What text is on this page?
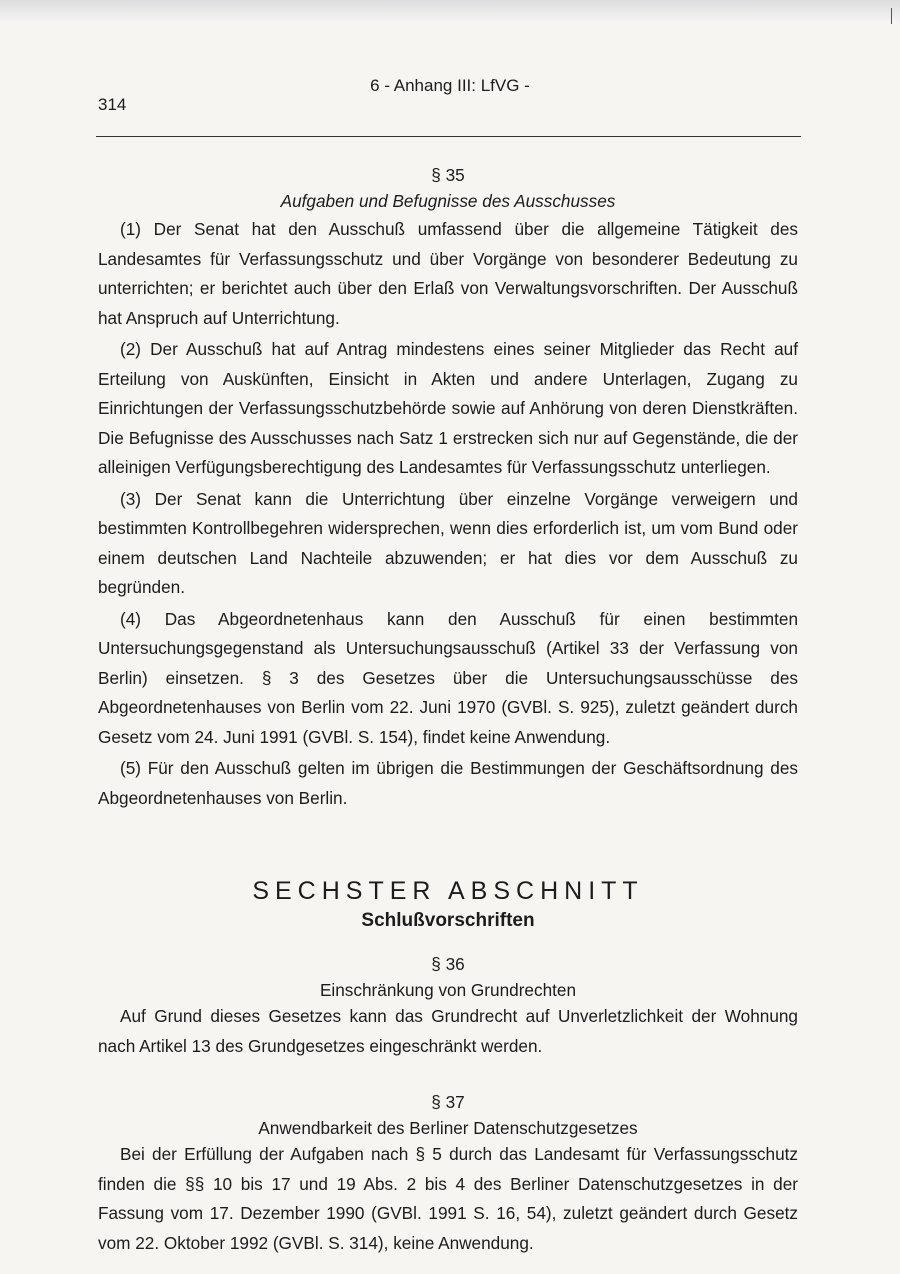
314
6 - Anhang III: LfVG -

§ 35

Aufgaben und Befugnisse des Ausschusses

(1) Der Senat hat den Ausschuß umfassend über die allgemeine Tätigkeit des Landesamtes für Verfassungsschutz und über Vorgänge von besonderer Bedeutung zu unterrichten; er berichtet auch über den Erlaß von Verwaltungsvorschriften. Der Ausschuß hat Anspruch auf Unterrichtung.

(2) Der Ausschuß hat auf Antrag mindestens eines seiner Mitglieder das Recht auf Erteilung von Auskünften, Einsicht in Akten und andere Unterlagen, Zugang zu Einrichtungen der Verfassungsschutzbehörde sowie auf Anhörung von deren Dienstkräften. Die Befugnisse des Ausschusses nach Satz 1 erstrecken sich nur auf Gegenstände, die der alleinigen Verfügungsberechtigung des Landesamtes für Verfassungsschutz unterliegen.

(3) Der Senat kann die Unterrichtung über einzelne Vorgänge verweigern und bestimmten Kontrollbegehren widersprechen, wenn dies erforderlich ist, um vom Bund oder einem deutschen Land Nachteile abzuwenden; er hat dies vor dem Ausschuß zu begründen.

(4) Das Abgeordnetenhaus kann den Ausschuß für einen bestimmten Untersuchungsgegenstand als Untersuchungsausschuß (Artikel 33 der Verfassung von Berlin) einsetzen. § 3 des Gesetzes über die Untersuchungsausschüsse des Abgeordnetenhauses von Berlin vom 22. Juni 1970 (GVBl. S. 925), zuletzt geändert durch Gesetz vom 24. Juni 1991 (GVBl. S. 154), findet keine Anwendung.

(5) Für den Ausschuß gelten im übrigen die Bestimmungen der Geschäftsordnung des Abgeordnetenhauses von Berlin.

SECHSTER ABSCHNITT

Schlußvorschriften

§ 36

Einschränkung von Grundrechten

Auf Grund dieses Gesetzes kann das Grundrecht auf Unverletzlichkeit der Wohnung nach Artikel 13 des Grundgesetzes eingeschränkt werden.

§ 37

Anwendbarkeit des Berliner Datenschutzgesetzes

Bei der Erfüllung der Aufgaben nach § 5 durch das Landesamt für Verfassungsschutz finden die §§ 10 bis 17 und 19 Abs. 2 bis 4 des Berliner Datenschutzgesetzes in der Fassung vom 17. Dezember 1990 (GVBl. 1991 S. 16, 54), zuletzt geändert durch Gesetz vom 22. Oktober 1992 (GVBl. S. 314), keine Anwendung.
